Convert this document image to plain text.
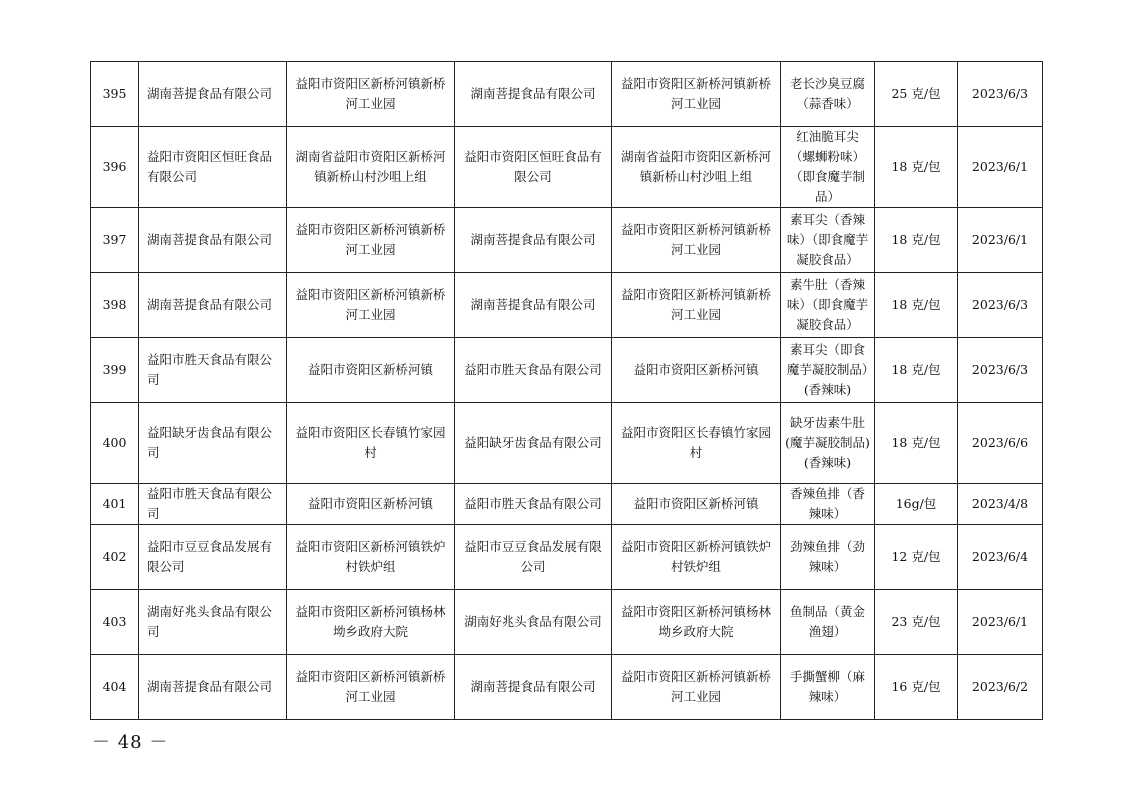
395	湖南菩提食品有限公司	益阳市资阳区新桥河镇新桥河工业园	湖南菩提食品有限公司	益阳市资阳区新桥河镇新桥河工业园	老长沙臭豆腐（蒜香味）	25 克/包	2023/6/3
396	益阳市资阳区恒旺食品有限公司	湖南省益阳市资阳区新桥河镇新桥山村沙咀上组	益阳市资阳区恒旺食品有限公司	湖南省益阳市资阳区新桥河镇新桥山村沙咀上组	红油脆耳尖（螺蛳粉味）（即食魔芋制品）	18 克/包	2023/6/1
397	湖南菩提食品有限公司	益阳市资阳区新桥河镇新桥河工业园	湖南菩提食品有限公司	益阳市资阳区新桥河镇新桥河工业园	素耳尖（香辣味）（即食魔芋凝胶食品）	18 克/包	2023/6/1
398	湖南菩提食品有限公司	益阳市资阳区新桥河镇新桥河工业园	湖南菩提食品有限公司	益阳市资阳区新桥河镇新桥河工业园	素牛肚（香辣味）（即食魔芋凝胶食品）	18 克/包	2023/6/3
399	益阳市胜天食品有限公司	益阳市资阳区新桥河镇	益阳市胜天食品有限公司	益阳市资阳区新桥河镇	素耳尖（即食魔芋凝胶制品）(香辣味)	18 克/包	2023/6/3
400	益阳缺牙齿食品有限公司	益阳市资阳区长春镇竹家园村	益阳缺牙齿食品有限公司	益阳市资阳区长春镇竹家园村	缺牙齿素牛肚(魔芋凝胶制品)(香辣味)	18 克/包	2023/6/6
401	益阳市胜天食品有限公司	益阳市资阳区新桥河镇	益阳市胜天食品有限公司	益阳市资阳区新桥河镇	香辣鱼排（香辣味）	16g/包	2023/4/8
402	益阳市豆豆食品发展有限公司	益阳市资阳区新桥河镇铁炉村铁炉组	益阳市豆豆食品发展有限公司	益阳市资阳区新桥河镇铁炉村铁炉组	劲辣鱼排（劲辣味）	12 克/包	2023/6/4
403	湖南好兆头食品有限公司	益阳市资阳区新桥河镇杨林坳乡政府大院	湖南好兆头食品有限公司	益阳市资阳区新桥河镇杨林坳乡政府大院	鱼制品（黄金渔翅）	23 克/包	2023/6/1
404	湖南菩提食品有限公司	益阳市资阳区新桥河镇新桥河工业园	湖南菩提食品有限公司	益阳市资阳区新桥河镇新桥河工业园	手撕蟹柳（麻辣味）	16 克/包	2023/6/2
－ 48 －
